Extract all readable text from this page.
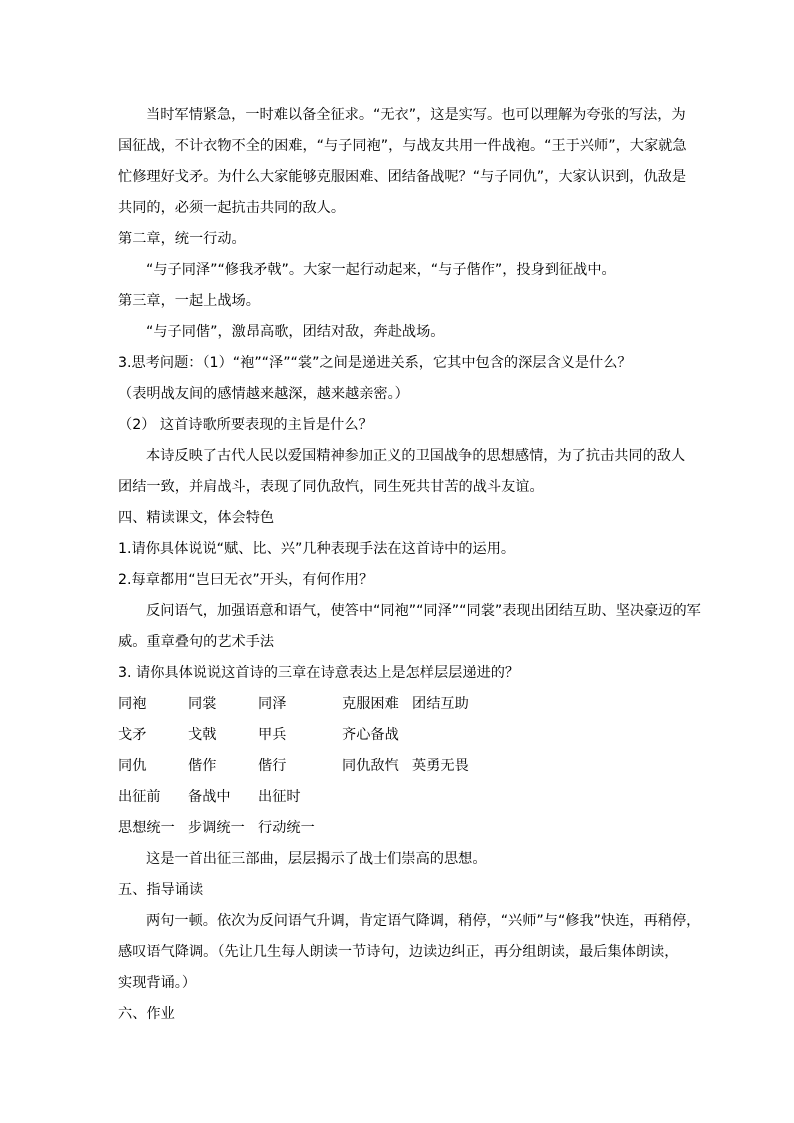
当时军情紧急，一时难以备全征求。“无衣”，这是实写。也可以理解为夸张的写法，为
国征战，不计衣物不全的困难，“与子同袍”，与战友共用一件战袍。“王于兴师”，大家就急
忙修理好戈矛。为什么大家能够克服困难、团结备战呢？“与子同仇”，大家认识到，仇敌是
共同的，必须一起抗击共同的敌人。
第二章，统一行动。
“与子同泽”“修我矛戟”。大家一起行动起来，“与子偕作”，投身到征战中。
第三章，一起上战场。
“与子同偕”，激昂高歌，团结对敌，奔赴战场。
3.思考问题：（1）“袍”“泽”“裳”之间是递进关系，它其中包含的深层含义是什么？
（表明战友间的感情越来越深，越来越亲密。）
（2） 这首诗歌所要表现的主旨是什么？
本诗反映了古代人民以爱国精神参加正义的卫国战争的思想感情，为了抗击共同的敌人
团结一致，并肩战斗，表现了同仇敌忾，同生死共甘苦的战斗友谊。
四、精读课文，体会特色
1.请你具体说说“赋、比、兴”几种表现手法在这首诗中的运用。
2.每章都用“岂曰无衣”开头，有何作用？
反问语气，加强语意和语气，使答中“同袍”“同泽”“同裳”表现出团结互助、坚决豪迈的军
威。重章叠句的艺术手法
3. 请你具体说说这首诗的三章在诗意表达上是怎样层层递进的？
同袍	同裳	同泽	克服困难 团结互助
戈矛	戈戟	甲兵	齐心备战
同仇	偕作	偕行	同仇敌忾 英勇无畏
出征前	备战中	出征时
思想统一 步调统一 行动统一
这是一首出征三部曲，层层揭示了战士们崇高的思想。
五、指导诵读
两句一顿。依次为反问语气升调，肯定语气降调，稍停，“兴师”与“修我”快连，再稍停，
感叹语气降调。（先让几生每人朗读一节诗句，边读边纠正，再分组朗读，最后集体朗读，
实现背诵。）
六、作业
